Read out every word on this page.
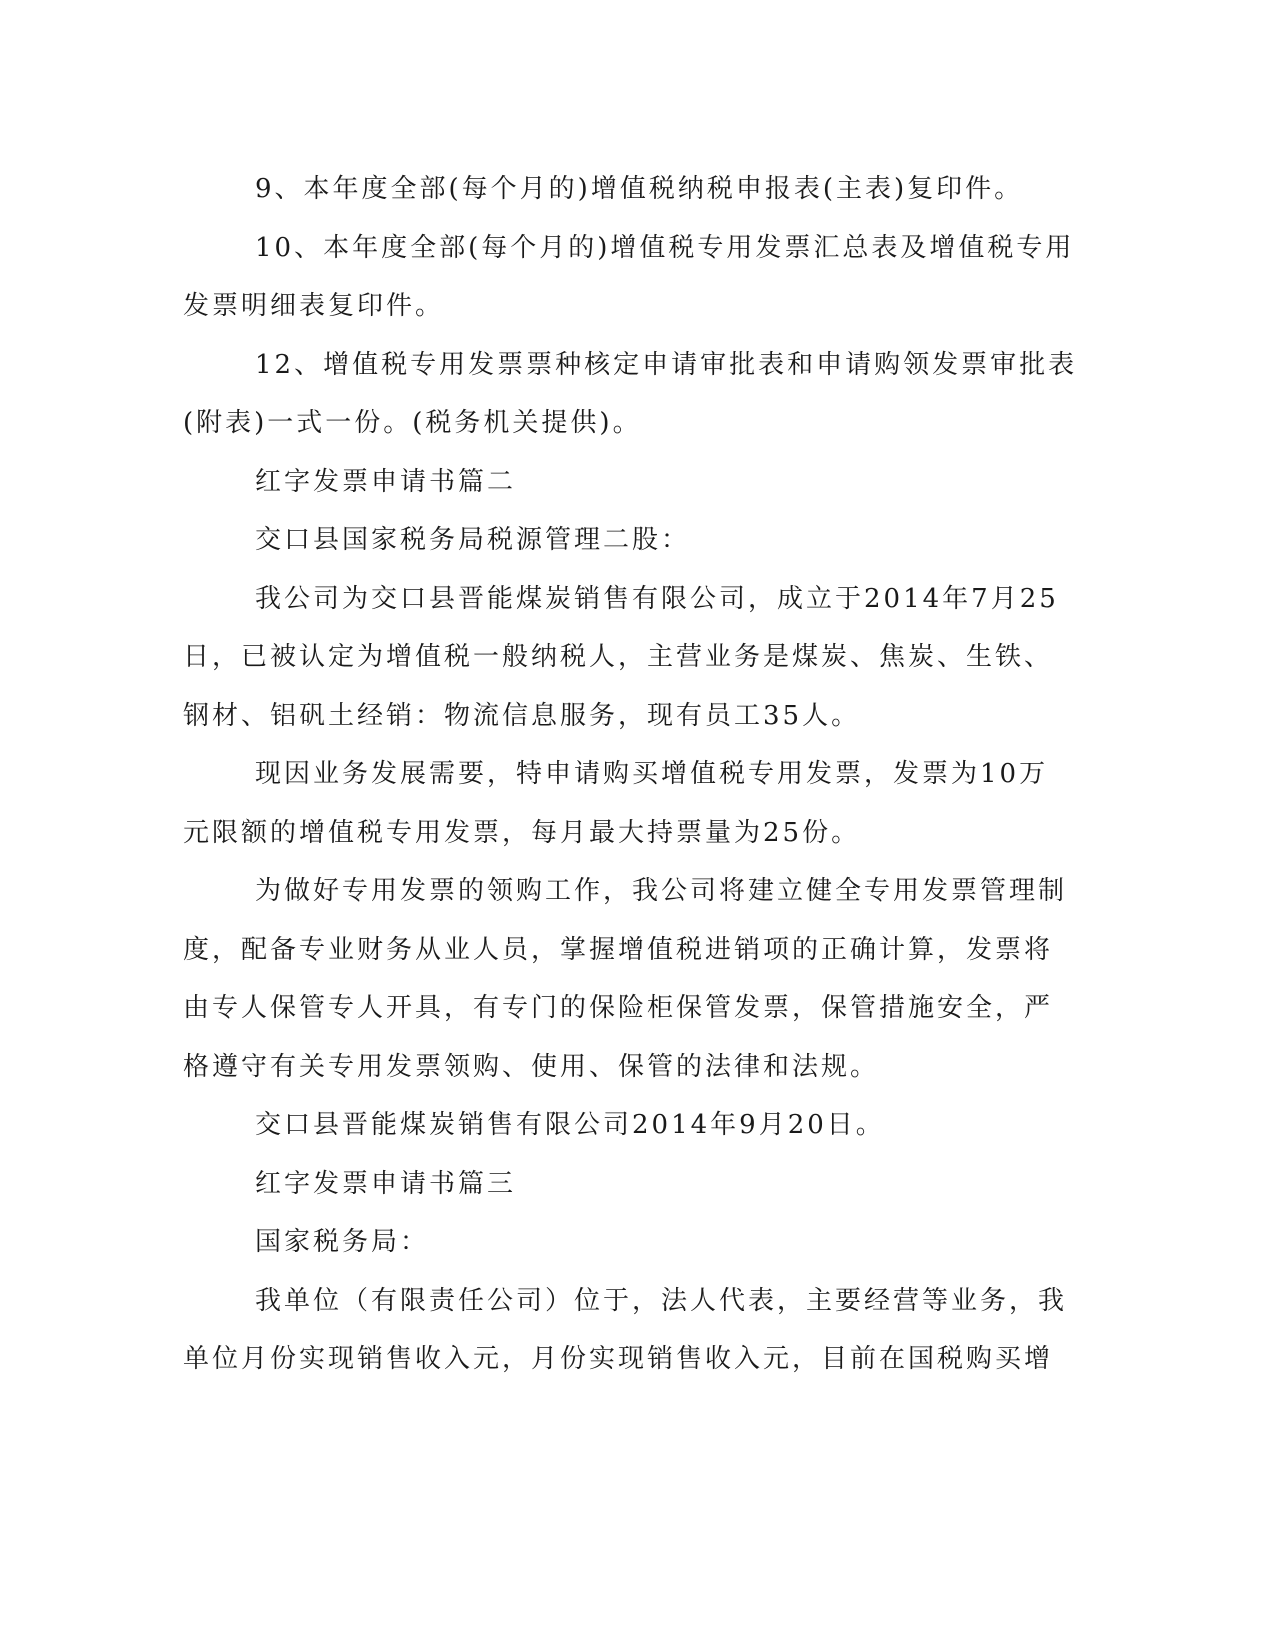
9、本年度全部(每个月的)增值税纳税申报表(主表)复印件。

10、本年度全部(每个月的)增值税专用发票汇总表及增值税专用
发票明细表复印件。

12、增值税专用发票票种核定申请审批表和申请购领发票审批表
(附表)一式一份。(税务机关提供)。

红字发票申请书篇二

交口县国家税务局税源管理二股：

我公司为交口县晋能煤炭销售有限公司，成立于2014年7月25
日，已被认定为增值税一般纳税人，主营业务是煤炭、焦炭、生铁、
钢材、铝矾土经销：物流信息服务，现有员工35人。

现因业务发展需要，特申请购买增值税专用发票，发票为10万
元限额的增值税专用发票，每月最大持票量为25份。

为做好专用发票的领购工作，我公司将建立健全专用发票管理制
度，配备专业财务从业人员，掌握增值税进销项的正确计算，发票将
由专人保管专人开具，有专门的保险柜保管发票，保管措施安全，严
格遵守有关专用发票领购、使用、保管的法律和法规。

交口县晋能煤炭销售有限公司2014年9月20日。

红字发票申请书篇三

国家税务局：

我单位（有限责任公司）位于，法人代表，主要经营等业务，我
单位月份实现销售收入元，月份实现销售收入元，目前在国税购买增
